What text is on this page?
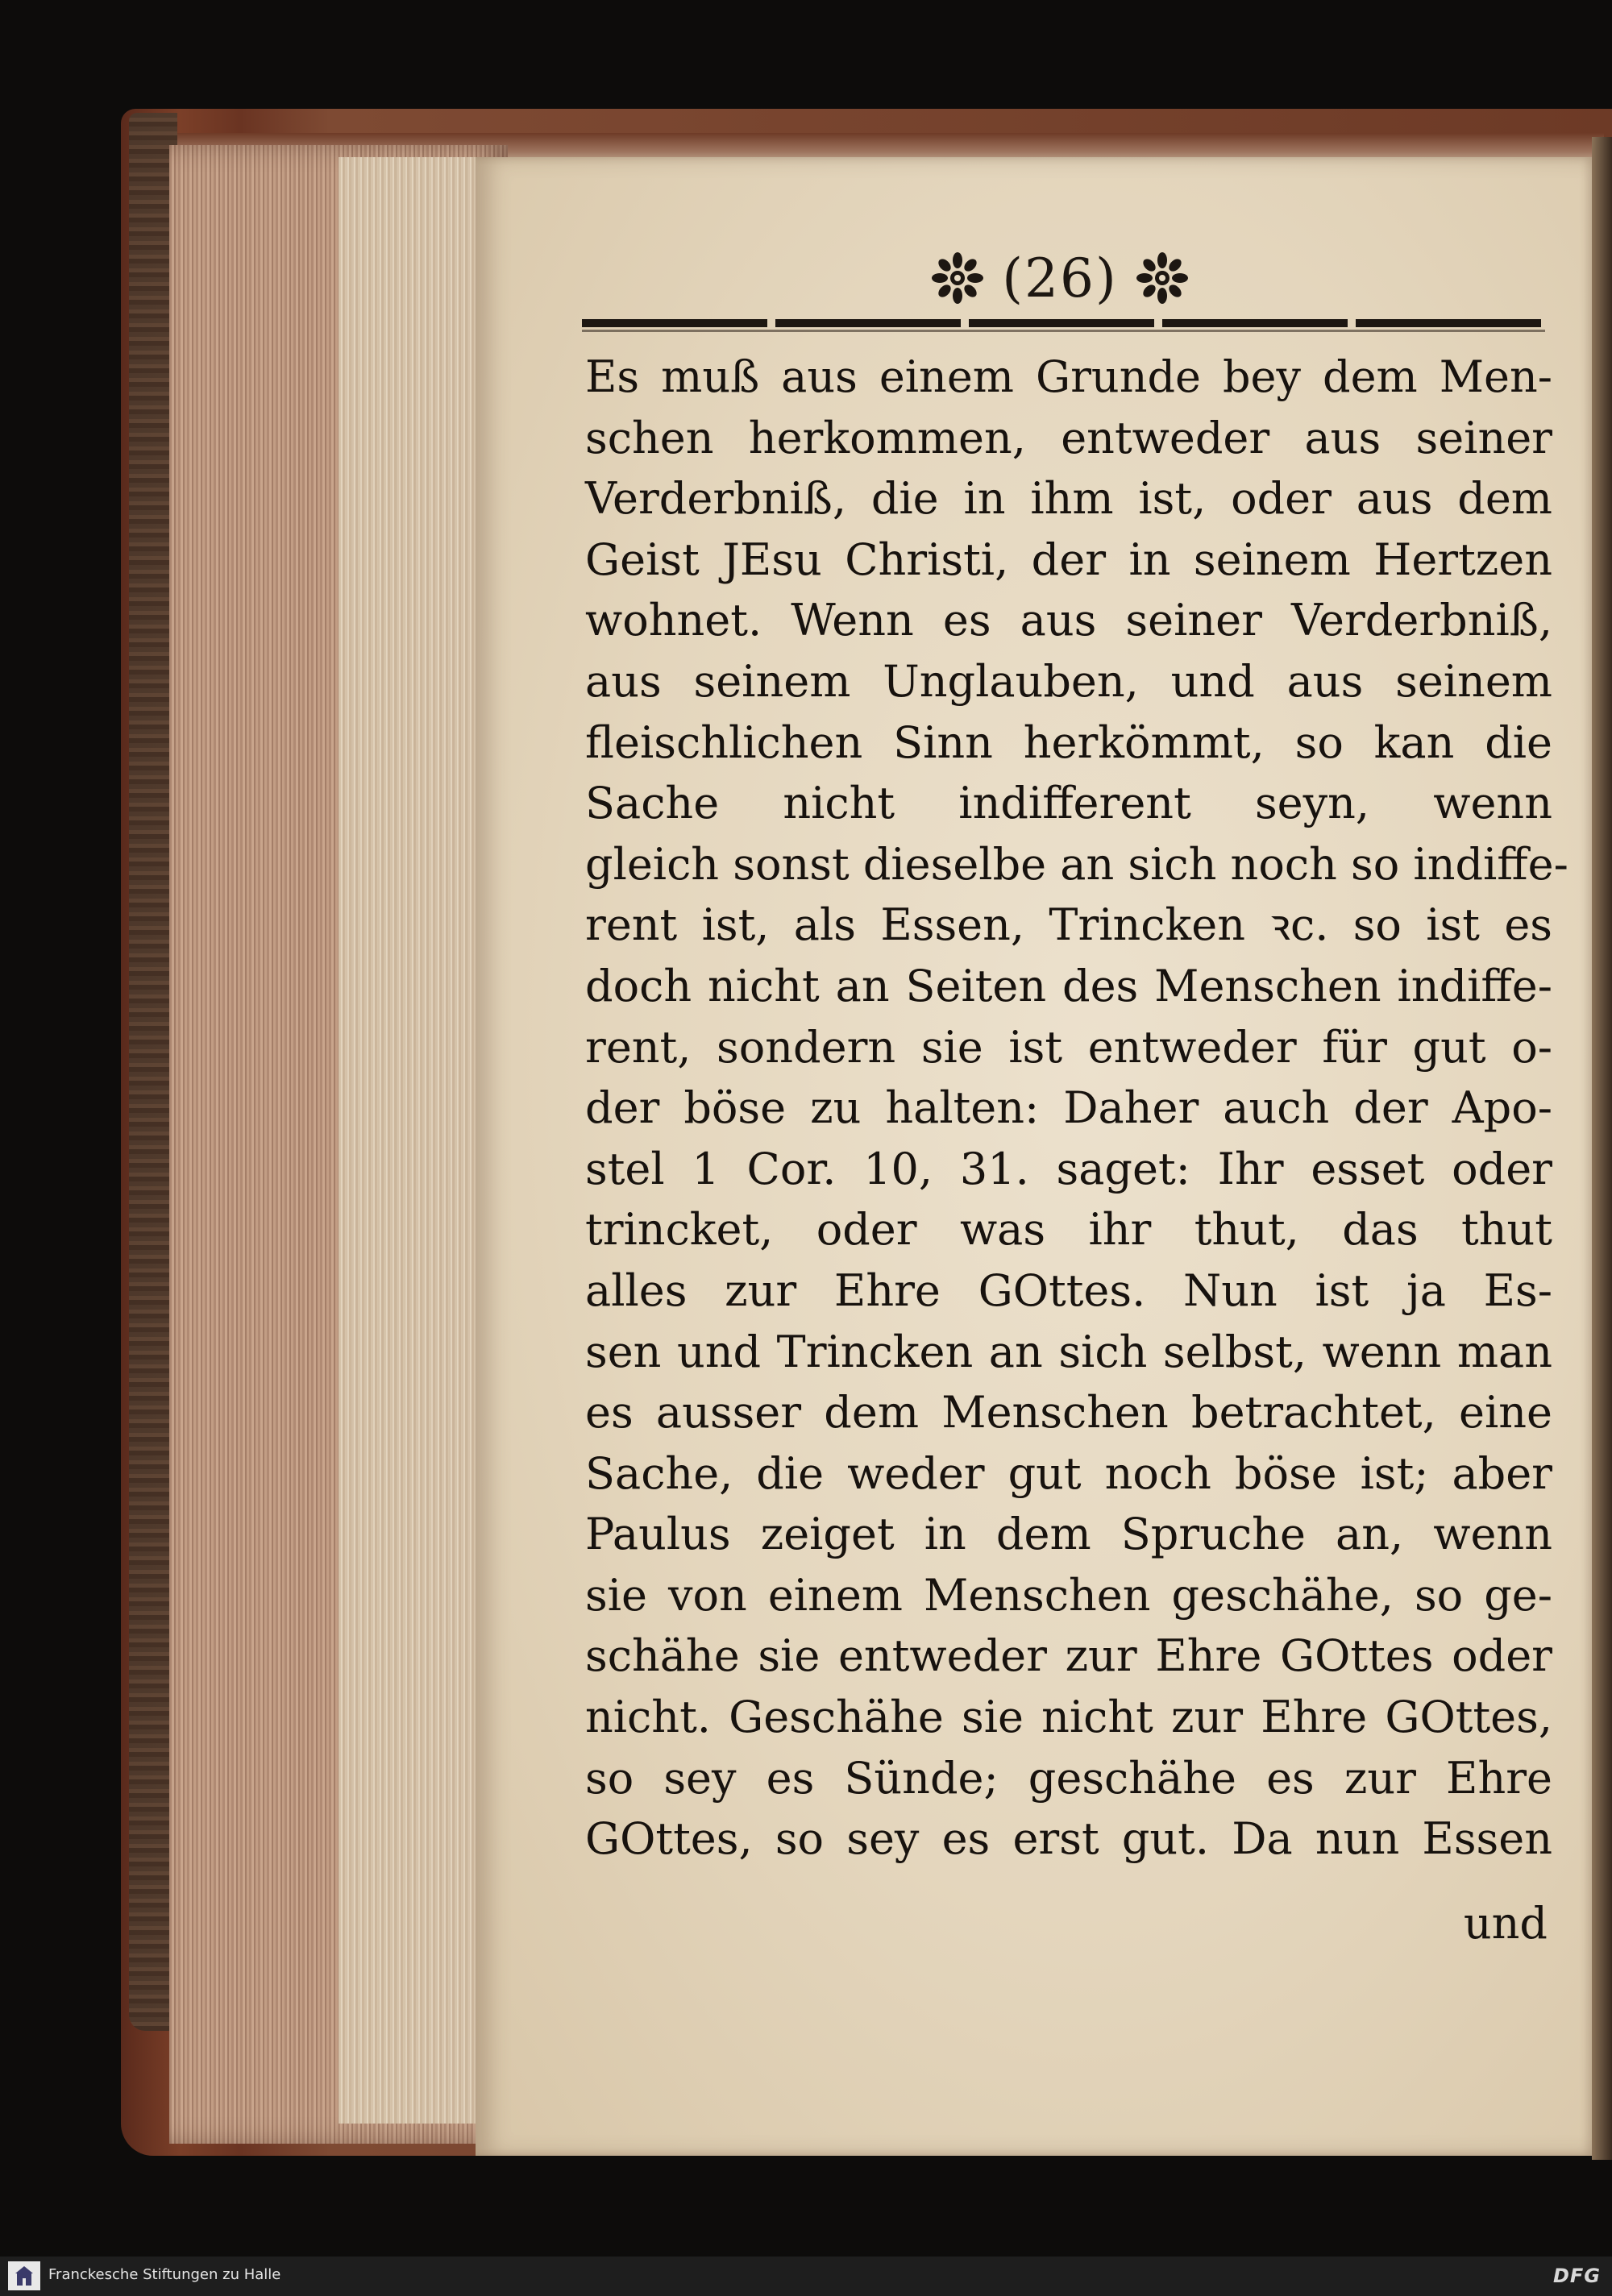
(26)
Es muß aus einem Grunde bey dem Men-
schen herkommen, entweder aus seiner
Verderbniß, die in ihm ist, oder aus dem
Geist JEsu Christi, der in seinem Hertzen
wohnet. Wenn es aus seiner Verderbniß,
aus seinem Unglauben, und aus seinem
fleischlichen Sinn herkömmt, so kan die
Sache nicht indifferent seyn, wenn
gleich sonst dieselbe an sich noch so indiffe-
rent ist, als Essen, Trincken ꝛc. so ist es
doch nicht an Seiten des Menschen indiffe-
rent, sondern sie ist entweder für gut o-
der böse zu halten: Daher auch der Apo-
stel 1 Cor. 10, 31. saget: Ihr esset oder
trincket, oder was ihr thut, das thut
alles zur Ehre GOttes. Nun ist ja Es-
sen und Trincken an sich selbst, wenn man
es ausser dem Menschen betrachtet, eine
Sache, die weder gut noch böse ist; aber
Paulus zeiget in dem Spruche an, wenn
sie von einem Menschen geschähe, so ge-
schähe sie entweder zur Ehre GOttes oder
nicht. Geschähe sie nicht zur Ehre GOttes,
so sey es Sünde; geschähe es zur Ehre
GOttes, so sey es erst gut. Da nun Essen
und
Franckesche Stiftungen zu Halle	DFG
